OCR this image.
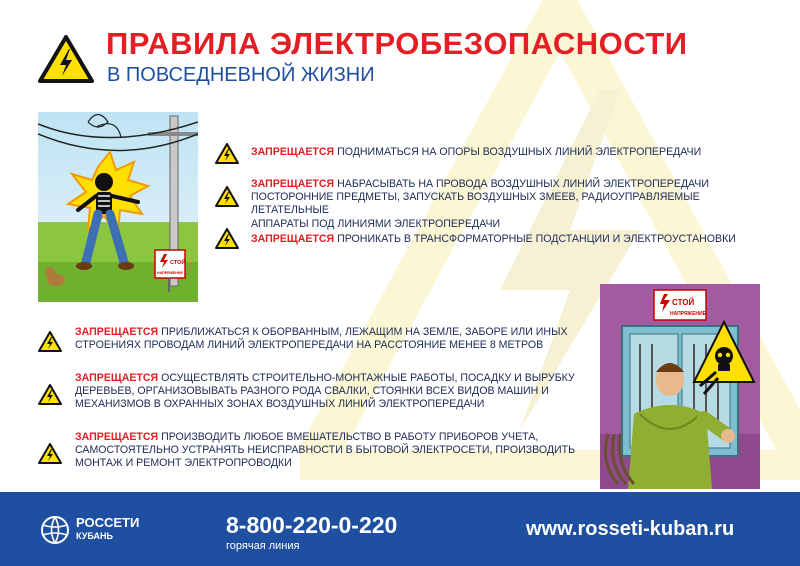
ПРАВИЛА ЭЛЕКТРОБЕЗОПАСНОСТИ
В ПОВСЕДНЕВНОЙ ЖИЗНИ
СТОЙ
НАПРЯЖЕНИЕ
СТОЙ
НАПРЯЖЕНИЕ
ЗАПРЕЩАЕТСЯ ПОДНИМАТЬСЯ НА ОПОРЫ ВОЗДУШНЫХ ЛИНИЙ ЭЛЕКТРОПЕРЕДАЧИ
ЗАПРЕЩАЕТСЯ НАБРАСЫВАТЬ НА ПРОВОДА ВОЗДУШНЫХ ЛИНИЙ ЭЛЕКТРОПЕРЕДАЧИ
ПОСТОРОННИЕ ПРЕДМЕТЫ, ЗАПУСКАТЬ ВОЗДУШНЫХ ЗМЕЕВ, РАДИОУПРАВЛЯЕМЫЕ ЛЕТАТЕЛЬНЫЕ
АППАРАТЫ ПОД ЛИНИЯМИ ЭЛЕКТРОПЕРЕДАЧИ
ЗАПРЕЩАЕТСЯ ПРОНИКАТЬ В ТРАНСФОРМАТОРНЫЕ ПОДСТАНЦИИ И ЭЛЕКТРОУСТАНОВКИ
ЗАПРЕЩАЕТСЯ ПРИБЛИЖАТЬСЯ К ОБОРВАННЫМ, ЛЕЖАЩИМ НА ЗЕМЛЕ, ЗАБОРЕ ИЛИ ИНЫХ
СТРОЕНИЯХ ПРОВОДАМ ЛИНИЙ ЭЛЕКТРОПЕРЕДАЧИ НА РАССТОЯНИЕ МЕНЕЕ 8 МЕТРОВ
ЗАПРЕЩАЕТСЯ ОСУЩЕСТВЛЯТЬ СТРОИТЕЛЬНО-МОНТАЖНЫЕ РАБОТЫ, ПОСАДКУ И ВЫРУБКУ
ДЕРЕВЬЕВ, ОРГАНИЗОВЫВАТЬ РАЗНОГО РОДА СВАЛКИ, СТОЯНКИ ВСЕХ ВИДОВ МАШИН И
МЕХАНИЗМОВ В ОХРАННЫХ ЗОНАХ ВОЗДУШНЫХ ЛИНИЙ ЭЛЕКТРОПЕРЕДАЧИ
ЗАПРЕЩАЕТСЯ ПРОИЗВОДИТЬ ЛЮБОЕ ВМЕШАТЕЛЬСТВО В РАБОТУ ПРИБОРОВ УЧЕТА,
САМОСТОЯТЕЛЬНО УСТРАНЯТЬ НЕИСПРАВНОСТИ В БЫТОВОЙ ЭЛЕКТРОСЕТИ, ПРОИЗВОДИТЬ
МОНТАЖ И РЕМОНТ ЭЛЕКТРОПРОВОДКИ
РОССЕТИ
КУБАНЬ	8-800-220-0-220
горячая линия
www.rosseti-kuban.ru
